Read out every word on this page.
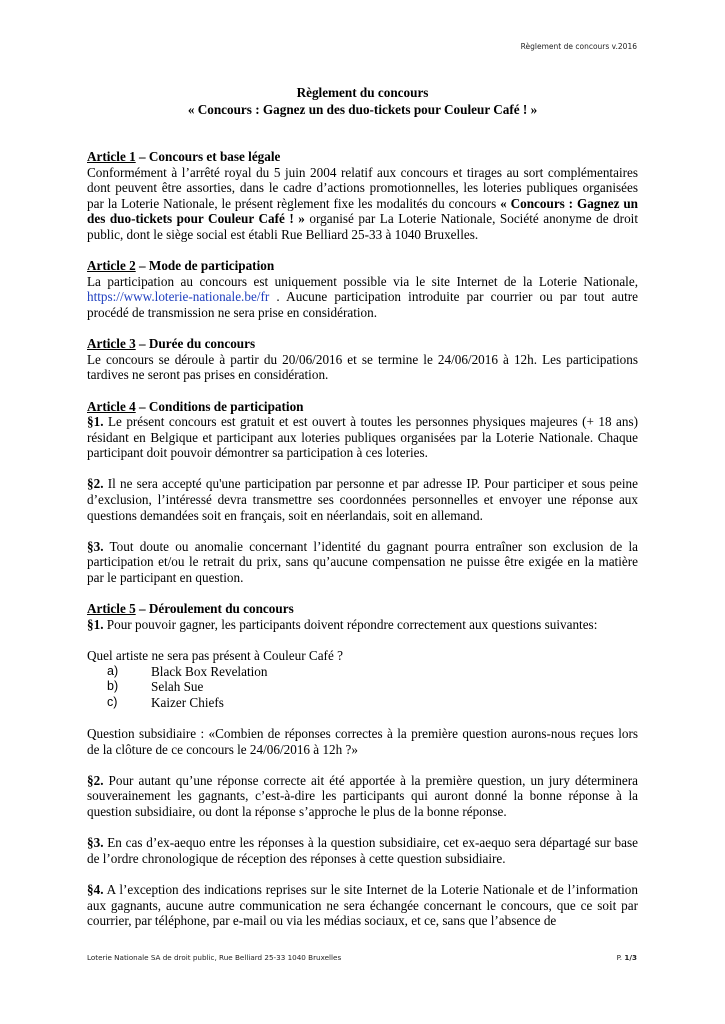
Règlement de concours v.2016
Règlement du concours
« Concours : Gagnez un des duo-tickets pour Couleur Café ! »

Article 1 – Concours et base légale

Conformément à l’arrêté royal du 5 juin 2004 relatif aux concours et tirages au sort complémentaires dont peuvent être assorties, dans le cadre d’actions promotionnelles, les loteries publiques organisées par la Loterie Nationale, le présent règlement fixe les modalités du concours « Concours : Gagnez un des duo-tickets pour Couleur Café ! » organisé par La Loterie Nationale, Société anonyme de droit public, dont le siège social est établi Rue Belliard 25-33 à 1040 Bruxelles.

Article 2 – Mode de participation

La participation au concours est uniquement possible via le site Internet de la Loterie Nationale, https://www.loterie-nationale.be/fr . Aucune participation introduite par courrier ou par tout autre procédé de transmission ne sera prise en considération.

Article 3 – Durée du concours

Le concours se déroule à partir du 20/06/2016 et se termine le 24/06/2016 à 12h. Les participations tardives ne seront pas prises en considération.

Article 4 – Conditions de participation

§1. Le présent concours est gratuit et est ouvert à toutes les personnes physiques majeures (+ 18 ans) résidant en Belgique et participant aux loteries publiques organisées par la Loterie Nationale. Chaque participant doit pouvoir démontrer sa participation à ces loteries.

§2. Il ne sera accepté qu'une participation par personne et par adresse IP. Pour participer et sous peine d’exclusion, l’intéressé devra transmettre ses coordonnées personnelles et envoyer une réponse aux questions demandées soit en français, soit en néerlandais, soit en allemand.

§3. Tout doute ou anomalie concernant l’identité du gagnant pourra entraîner son exclusion de la participation et/ou le retrait du prix, sans qu’aucune compensation ne puisse être exigée en la matière par le participant en question.

Article 5 – Déroulement du concours

§1. Pour pouvoir gagner, les participants doivent répondre correctement aux questions suivantes:

Quel artiste ne sera pas présent à Couleur Café ?

a)	Black Box Revelation
b)	Selah Sue
c)	Kaizer Chiefs

Question subsidiaire : «Combien de réponses correctes à la première question aurons-nous reçues lors de la clôture de ce concours le 24/06/2016 à 12h ?»

§2. Pour autant qu’une réponse correcte ait été apportée à la première question, un jury déterminera souverainement les gagnants, c’est-à-dire les participants qui auront donné la bonne réponse à la question subsidiaire, ou dont la réponse s’approche le plus de la bonne réponse.

§3. En cas d’ex-aequo entre les réponses à la question subsidiaire, cet ex-aequo sera départagé sur base de l’ordre chronologique de réception des réponses à cette question subsidiaire.

§4. A l’exception des indications reprises sur le site Internet de la Loterie Nationale et de l’information aux gagnants, aucune autre communication ne sera échangée concernant le concours, que ce soit par courrier, par téléphone, par e-mail ou via les médias sociaux, et ce, sans que l’absence de

Loterie Nationale SA de droit public, Rue Belliard 25-33 1040 Bruxelles	P. 1/3
